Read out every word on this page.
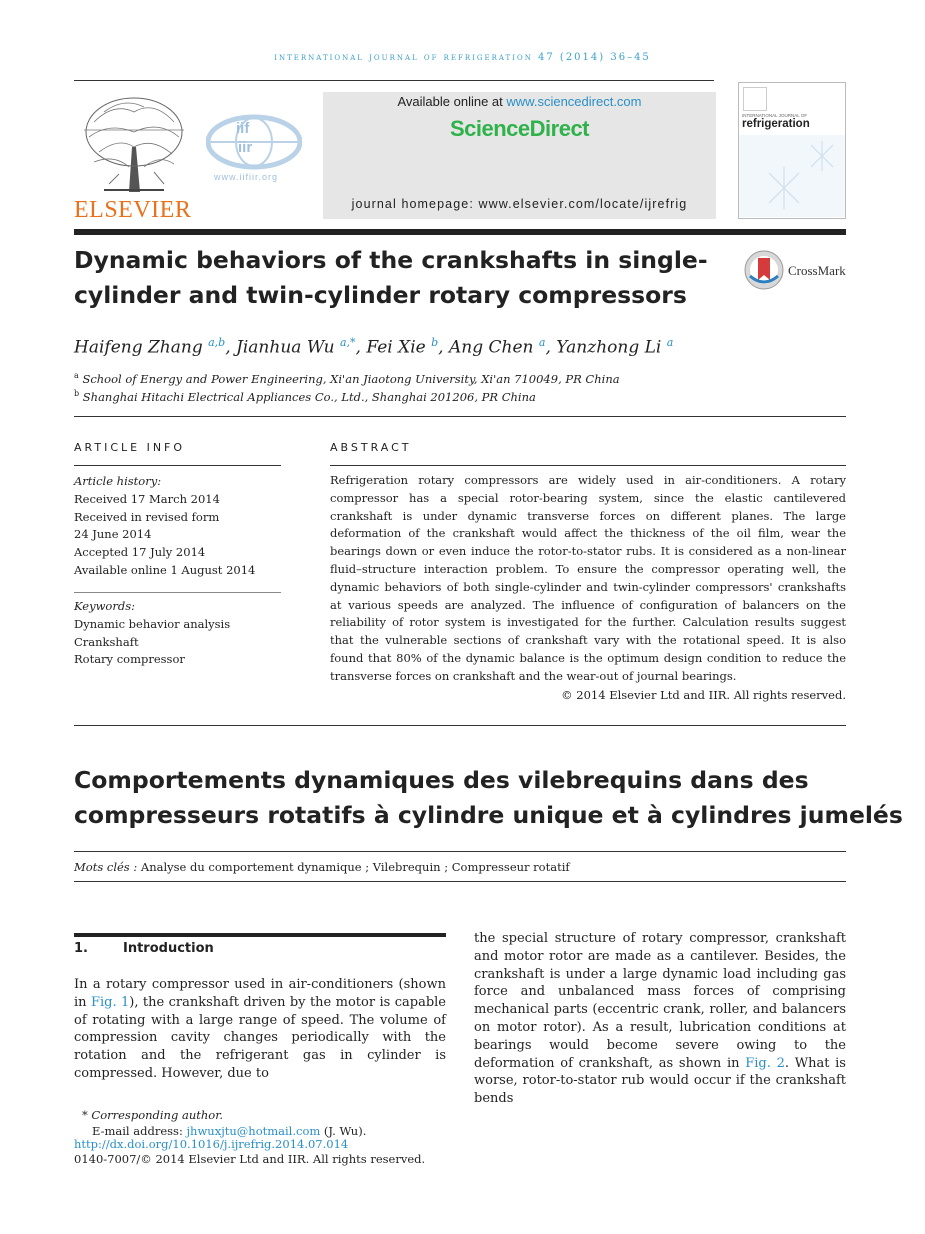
international journal of refrigeration 47 (2014) 36–45
ELSEVIER
iif
iir
www.iifiir.org
Available online at www.sciencedirect.com
ScienceDirect
journal homepage: www.elsevier.com/locate/ijrefrig
INTERNATIONAL JOURNAL OF
refrigeration
Dynamic behaviors of the crankshafts in single-
cylinder and twin-cylinder rotary compressors
CrossMark
Haifeng Zhang $^{a,b}$, Jianhua Wu $^{a,*}$, Fei Xie $^b$, Ang Chen $^a$, Yanzhong Li $^a$
$^a$ School of Energy and Power Engineering, Xi'an Jiaotong University, Xi'an 710049, PR China
$^b$ Shanghai Hitachi Electrical Appliances Co., Ltd., Shanghai 201206, PR China
ARTICLE INFO
Article history:
Received 17 March 2014
Received in revised form
24 June 2014
Accepted 17 July 2014
Available online 1 August 2014
Keywords:
Dynamic behavior analysis
Crankshaft
Rotary compressor
ABSTRACT
Refrigeration rotary compressors are widely used in air-conditioners. A rotary compressor has a special rotor-bearing system, since the elastic cantilevered crankshaft is under dynamic transverse forces on different planes. The large deformation of the crankshaft would affect the thickness of the oil film, wear the bearings down or even induce the rotor-to-stator rubs. It is considered as a non-linear fluid–structure interaction problem. To ensure the compressor operating well, the dynamic behaviors of both single-cylinder and twin-cylinder compressors' crankshafts at various speeds are analyzed. The influence of configuration of balancers on the reliability of rotor system is investigated for the further. Calculation results suggest that the vulnerable sections of crankshaft vary with the rotational speed. It is also found that 80% of the dynamic balance is the optimum design condition to reduce the transverse forces on crankshaft and the wear-out of journal bearings.
© 2014 Elsevier Ltd and IIR. All rights reserved.
Comportements dynamiques des vilebrequins dans des
compresseurs rotatifs à cylindre unique et à cylindres jumelés
Mots clés : Analyse du comportement dynamique ; Vilebrequin ; Compresseur rotatif
1.	Introduction
In a rotary compressor used in air-conditioners (shown in Fig. 1), the crankshaft driven by the motor is capable of rotating with a large range of speed. The volume of compression cavity changes periodically with the rotation and the refrigerant gas in cylinder is compressed. However, due to
the special structure of rotary compressor, crankshaft and motor rotor are made as a cantilever. Besides, the crankshaft is under a large dynamic load including gas force and unbalanced mass forces of comprising mechanical parts (eccentric crank, roller, and balancers on motor rotor). As a result, lubrication conditions at bearings would become severe owing to the deformation of crankshaft, as shown in Fig. 2. What is worse, rotor-to-stator rub would occur if the crankshaft bends
* Corresponding author.
E-mail address: jhwuxjtu@hotmail.com (J. Wu).
http://dx.doi.org/10.1016/j.ijrefrig.2014.07.014
0140-7007/© 2014 Elsevier Ltd and IIR. All rights reserved.
